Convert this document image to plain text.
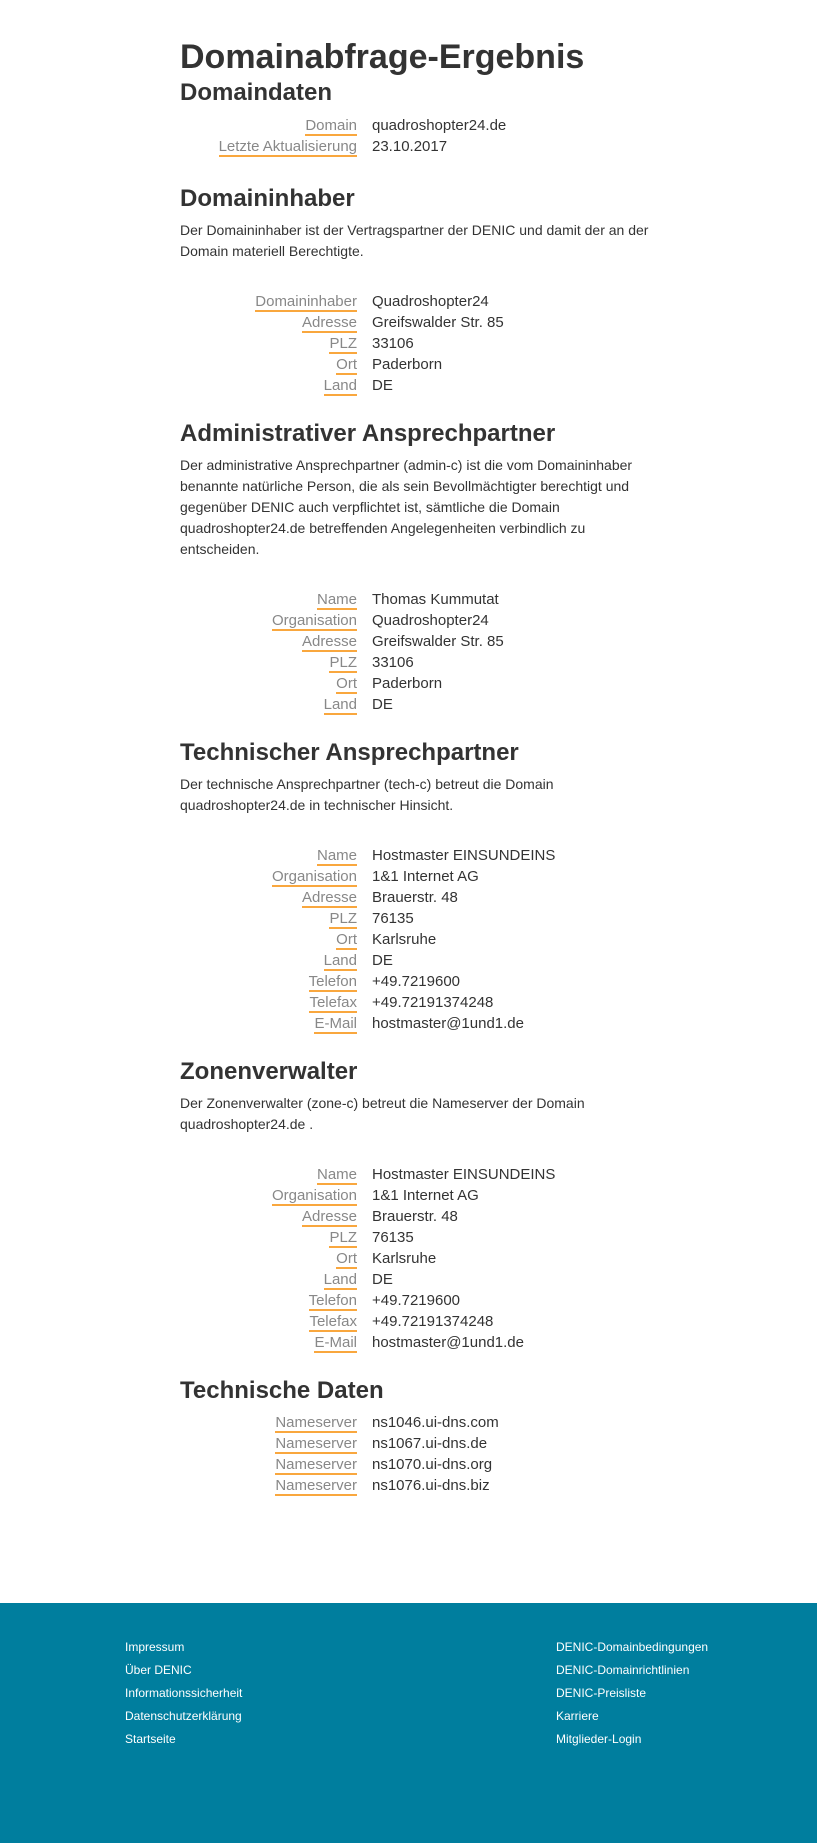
Domainabfrage-Ergebnis
Domaindaten
Domain quadroshopter24.de
Letzte Aktualisierung 23.10.2017
Domaininhaber

Der Domaininhaber ist der Vertragspartner der DENIC und damit der an der Domain materiell Berechtigte.

Domaininhaber Quadroshopter24
Adresse Greifswalder Str. 85
PLZ 33106
Ort Paderborn
Land DE
Administrativer Ansprechpartner

Der administrative Ansprechpartner (admin-c) ist die vom Domaininhaber benannte natürliche Person, die als sein Bevollmächtigter berechtigt und gegenüber DENIC auch verpflichtet ist, sämtliche die Domain quadroshopter24.de betreffenden Angelegenheiten verbindlich zu entscheiden.

Name Thomas Kummutat
Organisation Quadroshopter24
Adresse Greifswalder Str. 85
PLZ 33106
Ort Paderborn
Land DE
Technischer Ansprechpartner

Der technische Ansprechpartner (tech-c) betreut die Domain quadroshopter24.de in technischer Hinsicht.

Name Hostmaster EINSUNDEINS
Organisation 1&1 Internet AG
Adresse Brauerstr. 48
PLZ 76135
Ort Karlsruhe
Land DE
Telefon +49.7219600
Telefax +49.72191374248
E-Mail hostmaster@1und1.de
Zonenverwalter

Der Zonenverwalter (zone-c) betreut die Nameserver der Domain quadroshopter24.de .

Name Hostmaster EINSUNDEINS
Organisation 1&1 Internet AG
Adresse Brauerstr. 48
PLZ 76135
Ort Karlsruhe
Land DE
Telefon +49.7219600
Telefax +49.72191374248
E-Mail hostmaster@1und1.de
Technische Daten
Nameserver ns1046.ui-dns.com
Nameserver ns1067.ui-dns.de
Nameserver ns1070.ui-dns.org
Nameserver ns1076.ui-dns.biz
Impressum
Über DENIC
Informationssicherheit
Datenschutzerklärung
Startseite
DENIC-Domainbedingungen
DENIC-Domainrichtlinien
DENIC-Preisliste
Karriere
Mitglieder-Login
